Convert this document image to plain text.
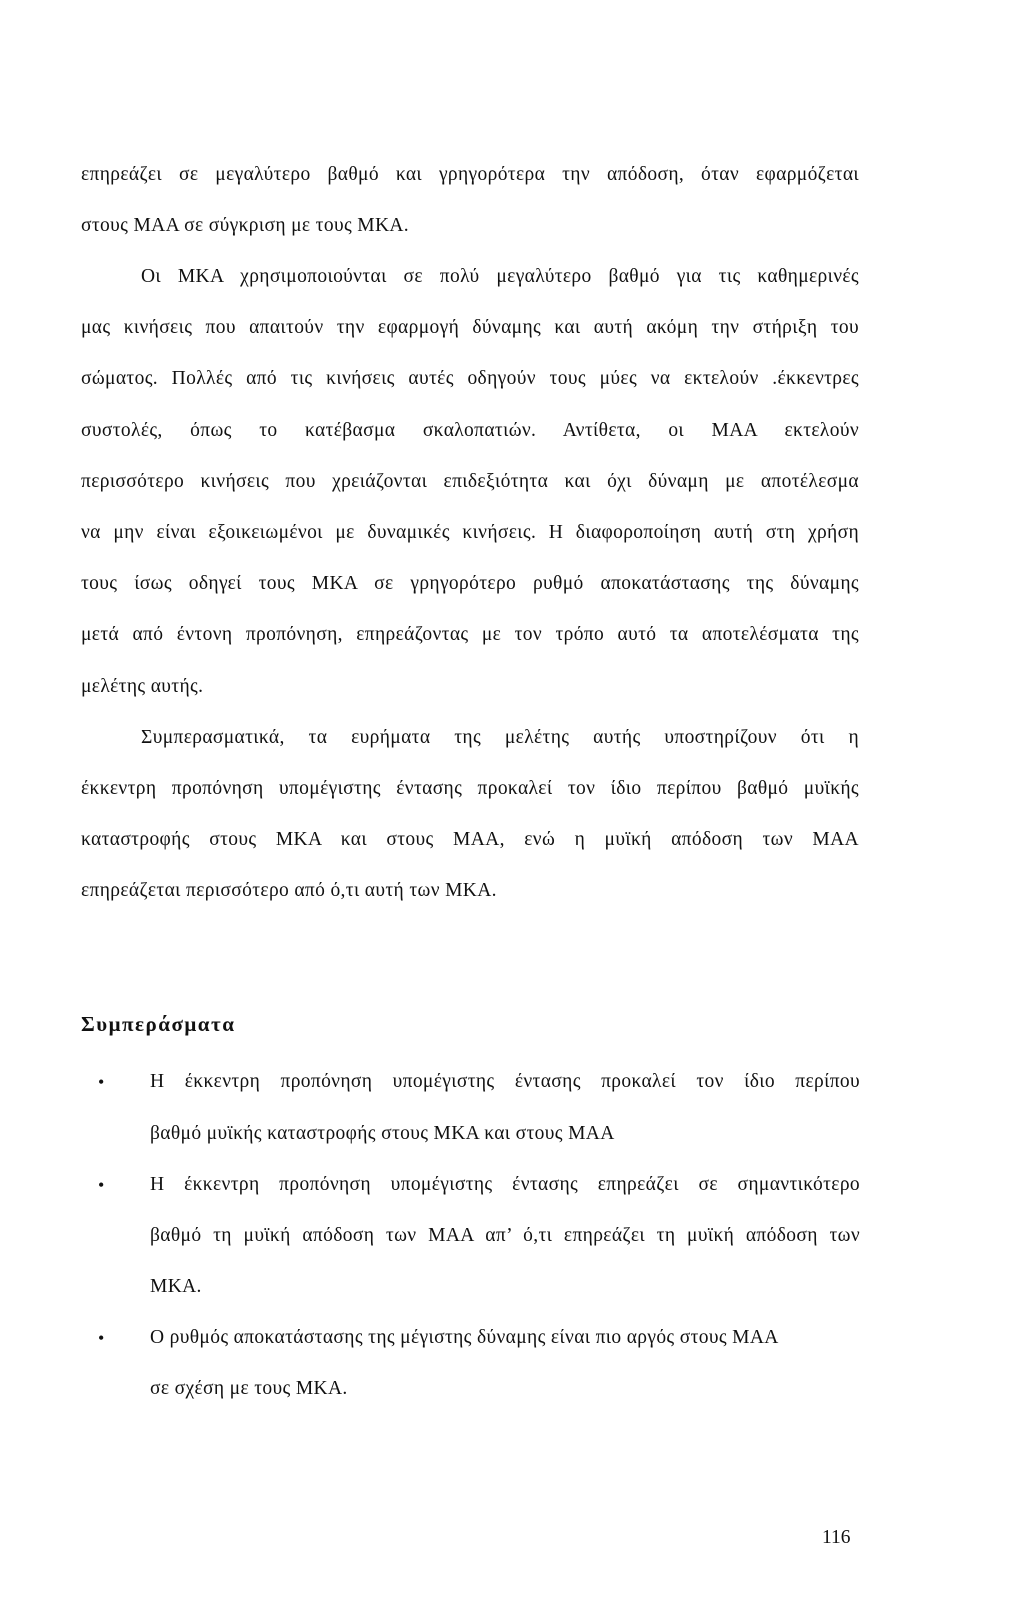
επηρεάζει σε μεγαλύτερο βαθμό και γρηγορότερα την απόδοση, όταν εφαρμόζεται
στους ΜΑΑ σε σύγκριση με τους ΜΚΑ.
Οι ΜΚΑ χρησιμοποιούνται σε πολύ μεγαλύτερο βαθμό για τις καθημερινές
μας κινήσεις που απαιτούν την εφαρμογή δύναμης και αυτή ακόμη την στήριξη του
σώματος. Πολλές από τις κινήσεις αυτές οδηγούν τους μύες να εκτελούν .έκκεντρες
συστολές, όπως το κατέβασμα σκαλοπατιών. Αντίθετα, οι ΜΑΑ εκτελούν
περισσότερο κινήσεις που χρειάζονται επιδεξιότητα και όχι δύναμη με αποτέλεσμα
να μην είναι εξοικειωμένοι με δυναμικές κινήσεις. Η διαφοροποίηση αυτή στη χρήση
τους ίσως οδηγεί τους ΜΚΑ σε γρηγορότερο ρυθμό αποκατάστασης της δύναμης
μετά από έντονη προπόνηση, επηρεάζοντας με τον τρόπο αυτό τα αποτελέσματα της
μελέτης αυτής.
Συμπερασματικά, τα ευρήματα της μελέτης αυτής υποστηρίζουν ότι η
έκκεντρη προπόνηση υπομέγιστης έντασης προκαλεί τον ίδιο περίπου βαθμό μυϊκής
καταστροφής στους ΜΚΑ και στους ΜΑΑ, ενώ η μυϊκή απόδοση των ΜΑΑ
επηρεάζεται περισσότερο από ό,τι αυτή των ΜΚΑ.
Συμπεράσματα
• Η έκκεντρη προπόνηση υπομέγιστης έντασης προκαλεί τον ίδιο περίπου
βαθμό μυϊκής καταστροφής στους ΜΚΑ και στους ΜΑΑ
• Η έκκεντρη προπόνηση υπομέγιστης έντασης επηρεάζει σε σημαντικότερο
βαθμό τη μυϊκή απόδοση των ΜΑΑ απ’ ό,τι επηρεάζει τη μυϊκή απόδοση των
ΜΚΑ.
• Ο ρυθμός αποκατάστασης της μέγιστης δύναμης είναι πιο αργός στους ΜΑΑ
σε σχέση με τους ΜΚΑ.
116
